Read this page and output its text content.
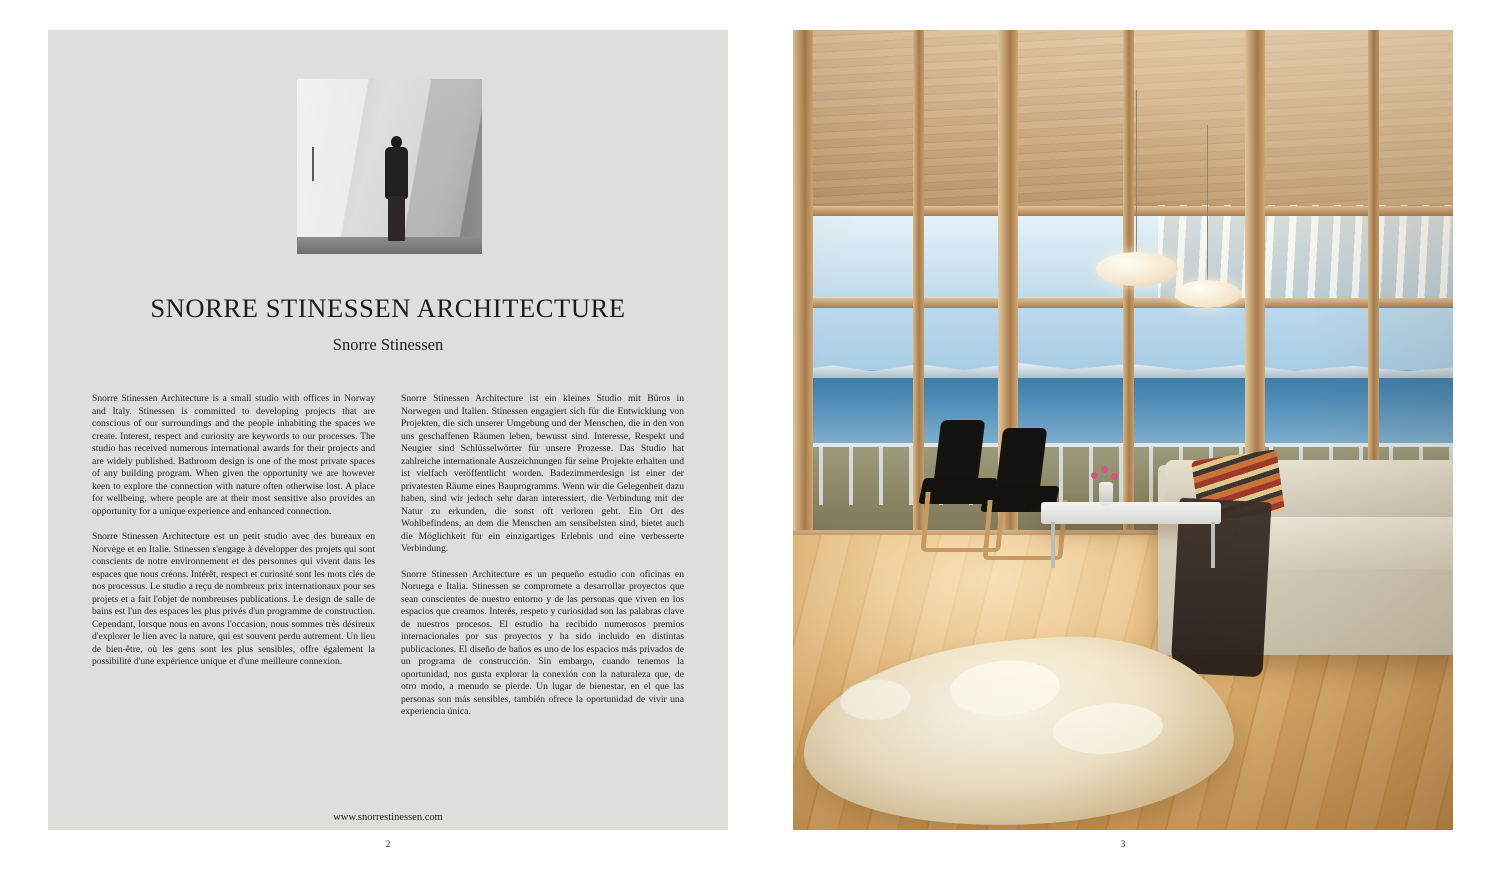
SNORRE STINESSEN ARCHITECTURE
Snorre Stinessen

Snorre Stinessen Architecture is a small studio with offices in Norway and Italy. Stinessen is committed to developing projects that are conscious of our surroundings and the people inhabiting the spaces we create. Interest, respect and curiosity are keywords to our processes. The studio has received numerous international awards for their projects and are widely published. Bathroom design is one of the most private spaces of any building program. When given the opportunity we are however keen to explore the connection with nature often otherwise lost. A place for wellbeing, where people are at their most sensitive also provides an opportunity for a unique experience and enhanced connection.

Snorre Stinessen Architecture est un petit studio avec des bureaux en Norvège et en Italie. Stinessen s'engage à développer des projets qui sont conscients de notre environnement et des personnes qui vivent dans les espaces que nous créons. Intérêt, respect et curiosité sont les mots clés de nos processus. Le studio a reçu de nombreux prix internationaux pour ses projets et a fait l'objet de nombreuses publications. Le design de salle de bains est l'un des espaces les plus privés d'un programme de construction. Cependant, lorsque nous en avons l'occasion, nous sommes très désireux d'explorer le lien avec la nature, qui est souvent perdu autrement. Un lieu de bien-être, où les gens sont les plus sensibles, offre également la possibilité d'une expérience unique et d'une meilleure connexion.

Snorre Stinessen Architecture ist ein kleines Studio mit Büros in Norwegen und Italien. Stinessen engagiert sich für die Entwicklung von Projekten, die sich unserer Umgebung und der Menschen, die in den von uns geschaffenen Räumen leben, bewusst sind. Interesse, Respekt und Neugier sind Schlüsselwörter für unsere Prozesse. Das Studio hat zahlreiche internationale Auszeichnungen für seine Projekte erhalten und ist vielfach veröffentlicht worden. Badezimmerdesign ist einer der privatesten Räume eines Bauprogramms. Wenn wir die Gelegenheit dazu haben, sind wir jedoch sehr daran interessiert, die Verbindung mit der Natur zu erkunden, die sonst oft verloren geht. Ein Ort des Wohlbefindens, an dem die Menschen am sensibelsten sind, bietet auch die Möglichkeit für ein einzigartiges Erlebnis und eine verbesserte Verbindung.

Snorre Stinessen Architecture es un pequeño estudio con oficinas en Noruega e Italia. Stinessen se compromete a desarrollar proyectos que sean conscientes de nuestro entorno y de las personas que viven en los espacios que creamos. Interés, respeto y curiosidad son las palabras clave de nuestros procesos. El estudio ha recibido numerosos premios internacionales por sus proyectos y ha sido incluido en distintas publicaciones. El diseño de baños es uno de los espacios más privados de un programa de construcción. Sin embargo, cuando tenemos la oportunidad, nos gusta explorar la conexión con la naturaleza que, de otro modo, a menudo se pierde. Un lugar de bienestar, en el que las personas son más sensibles, también ofrece la oportunidad de vivir una experiencia única.

www.snorrestinessen.com
2	3
